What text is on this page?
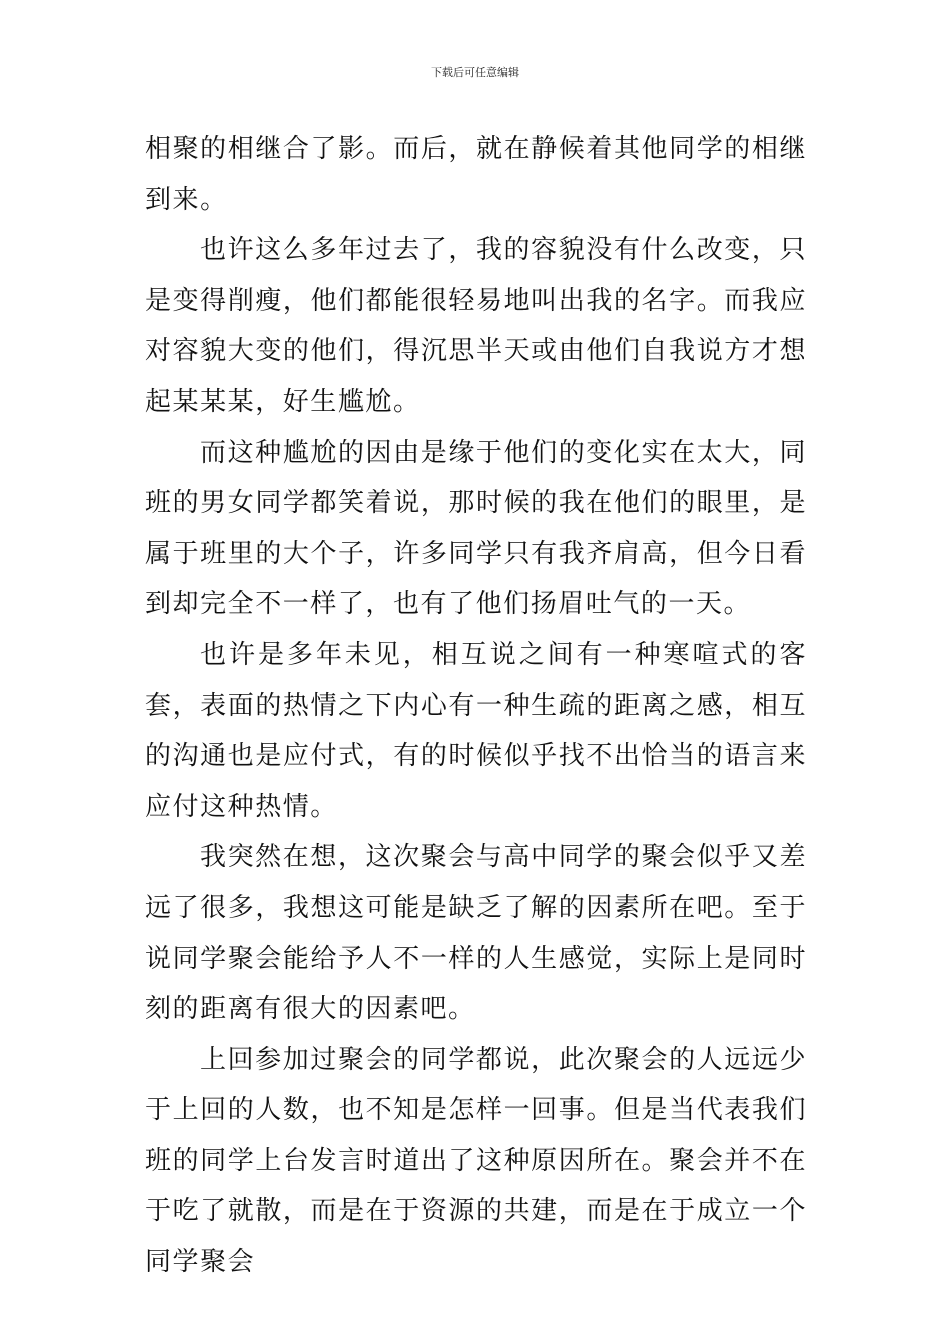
下载后可任意编辑

相聚的相继合了影。而后，就在静候着其他同学的相继到来。

也许这么多年过去了，我的容貌没有什么改变，只是变得削瘦，他们都能很轻易地叫出我的名字。而我应对容貌大变的他们，得沉思半天或由他们自我说方才想起某某某，好生尴尬。

而这种尴尬的因由是缘于他们的变化实在太大，同班的男女同学都笑着说，那时候的我在他们的眼里，是属于班里的大个子，许多同学只有我齐肩高，但今日看到却完全不一样了，也有了他们扬眉吐气的一天。

也许是多年未见，相互说之间有一种寒喧式的客套，表面的热情之下内心有一种生疏的距离之感，相互的沟通也是应付式，有的时候似乎找不出恰当的语言来应付这种热情。

我突然在想，这次聚会与高中同学的聚会似乎又差远了很多，我想这可能是缺乏了解的因素所在吧。至于说同学聚会能给予人不一样的人生感觉，实际上是同时刻的距离有很大的因素吧。

上回参加过聚会的同学都说，此次聚会的人远远少于上回的人数，也不知是怎样一回事。但是当代表我们班的同学上台发言时道出了这种原因所在。聚会并不在于吃了就散，而是在于资源的共建，而是在于成立一个同学聚会
